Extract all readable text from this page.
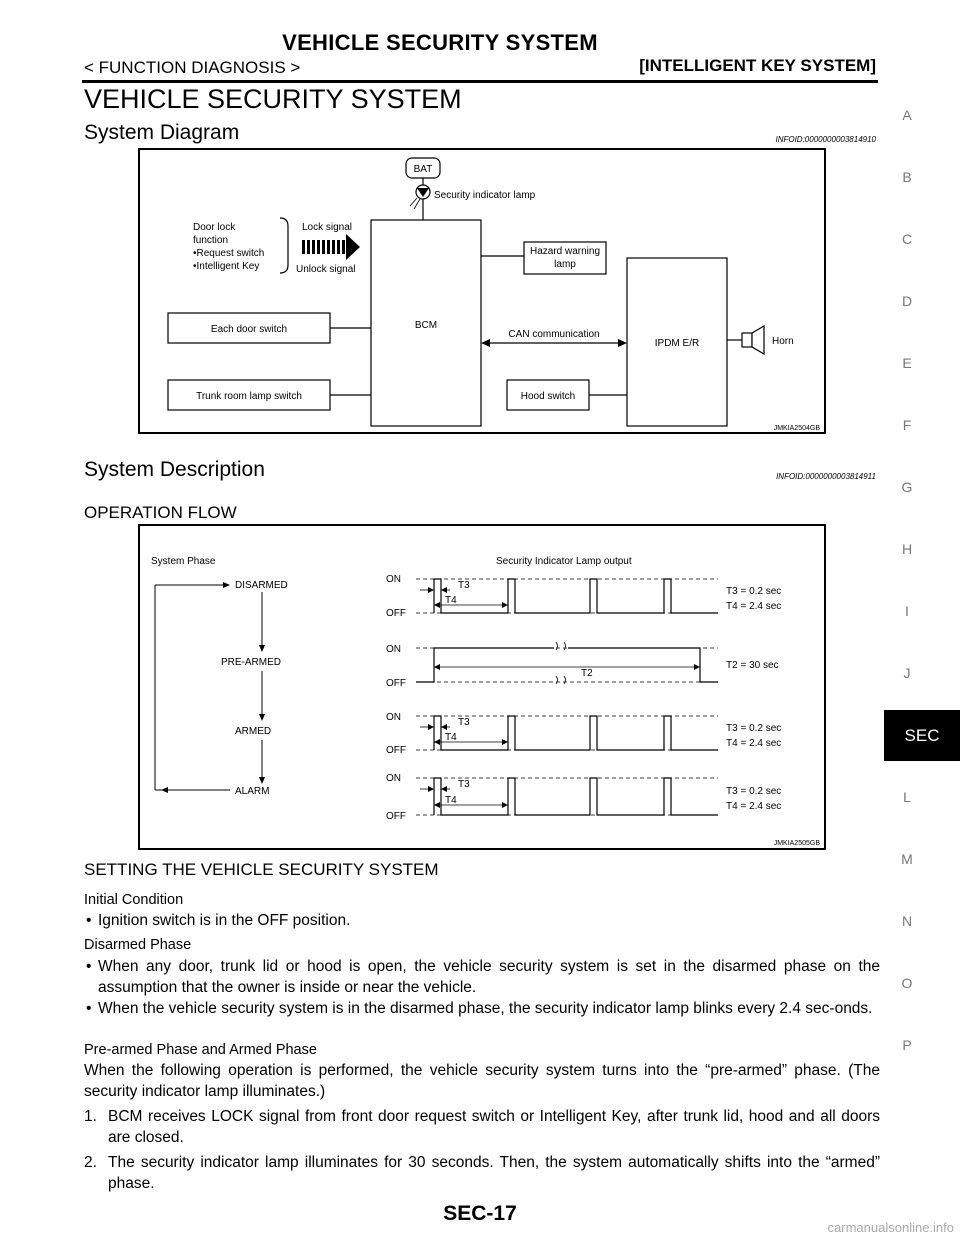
VEHICLE SECURITY SYSTEM
< FUNCTION DIAGNOSIS >	[INTELLIGENT KEY SYSTEM]
VEHICLE SECURITY SYSTEM
System Diagram	INFOID:0000000003814910
BAT
Security indicator lamp
Door lock
function
•Request switch
•Intelligent Key
Lock signal
Unlock signal
BCM
Hazard warning
lamp
Each door switch	CAN communication
IPDM E/R	Horn
Trunk room lamp switch	Hood switch
JMKIA2504GB
System Description	INFOID:0000000003814911
OPERATION FLOW
System Phase	Security Indicator Lamp output
DISARMED
PRE-ARMED
ARMED
ALARM
ON
OFF
T3
T4
T3 = 0.2 sec
T4 = 2.4 sec
ON
OFF
T2
T2 = 30 sec
ON
OFF
T3
T4
T3 = 0.2 sec
T4 = 2.4 sec
ON
OFF
T3
T4
T3 = 0.2 sec
T4 = 2.4 sec
JMKIA2505GB
SETTING THE VEHICLE SECURITY SYSTEM
Initial Condition
• Ignition switch is in the OFF position.
Disarmed Phase
• When any door, trunk lid or hood is open, the vehicle security system is set in the disarmed phase on the assumption that the owner is inside or near the vehicle.
• When the vehicle security system is in the disarmed phase, the security indicator lamp blinks every 2.4 sec-onds.
Pre-armed Phase and Armed Phase
When the following operation is performed, the vehicle security system turns into the “pre-armed” phase. (The security indicator lamp illuminates.)
1. BCM receives LOCK signal from front door request switch or Intelligent Key, after trunk lid, hood and all doors are closed.
2. The security indicator lamp illuminates for 30 seconds. Then, the system automatically shifts into the “armed” phase.
A
B
C
D
E
F
G
H
I
J
SEC
L
M
N
O
P
SEC-17
carmanualsonline.info
